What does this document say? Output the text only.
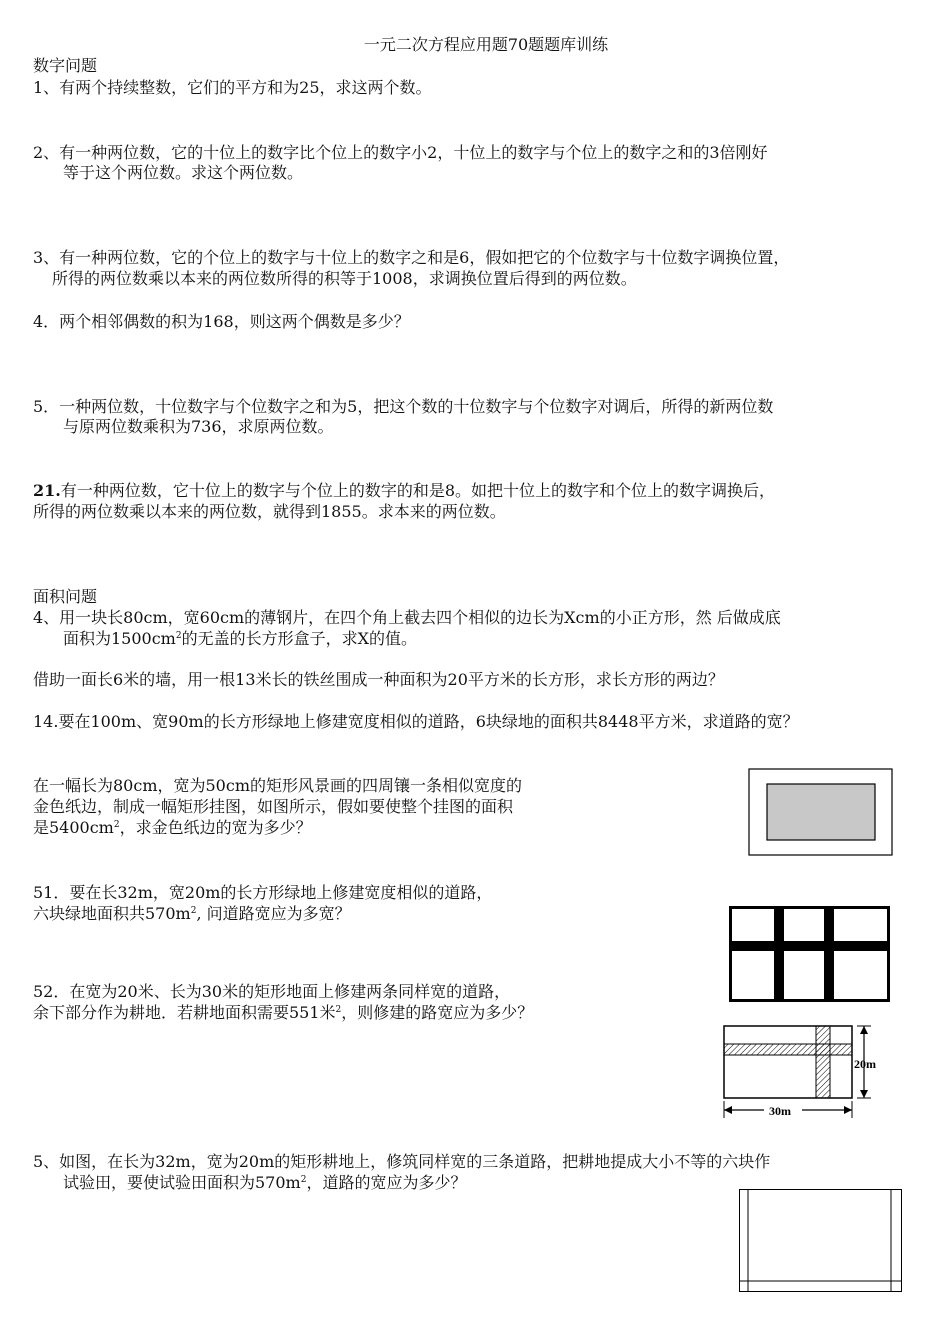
一元二次方程应用题70题题库训练
数字问题
1、有两个持续整数，它们的平方和为25，求这两个数。
2、有一种两位数，它的十位上的数字比个位上的数字小2，十位上的数字与个位上的数字之和的3倍刚好
等于这个两位数。求这个两位数。
3、有一种两位数，它的个位上的数字与十位上的数字之和是6，假如把它的个位数字与十位数字调换位置，
所得的两位数乘以本来的两位数所得的积等于1008，求调换位置后得到的两位数。
4．两个相邻偶数的积为168，则这两个偶数是多少？
5．一种两位数，十位数字与个位数字之和为5，把这个数的十位数字与个位数字对调后，所得的新两位数
与原两位数乘积为736，求原两位数。
21.有一种两位数，它十位上的数字与个位上的数字的和是8。如把十位上的数字和个位上的数字调换后，
所得的两位数乘以本来的两位数，就得到1855。求本来的两位数。
面积问题
4、用一块长80cm，宽60cm的薄钢片，在四个角上截去四个相似的边长为Xcm的小正方形，然 后做成底
面积为$1500cm^2$的无盖的长方形盒子，求X的值。
借助一面长6米的墙，用一根13米长的铁丝围成一种面积为20平方米的长方形，求长方形的两边？
14.要在100m、宽90m的长方形绿地上修建宽度相似的道路，6块绿地的面积共8448平方米，求道路的宽？
在一幅长为80cm，宽为50cm的矩形风景画的四周镶一条相似宽度的
金色纸边，制成一幅矩形挂图，如图所示，假如要使整个挂图的面积
是$5400cm^2$，求金色纸边的宽为多少？
51．要在长32m，宽20m的长方形绿地上修建宽度相似的道路，
六块绿地面积共$570m^2$, 问道路宽应为多宽？
52．在宽为20米、长为30米的矩形地面上修建两条同样宽的道路，
余下部分作为耕地．若耕地面积需要551米$^2$，则修建的路宽应为多少？
5、如图，在长为32m，宽为20m的矩形耕地上，修筑同样宽的三条道路，把耕地提成大小不等的六块作
试验田，要使试验田面积为$570m^2$，道路的宽应为多少？
20m
30m
